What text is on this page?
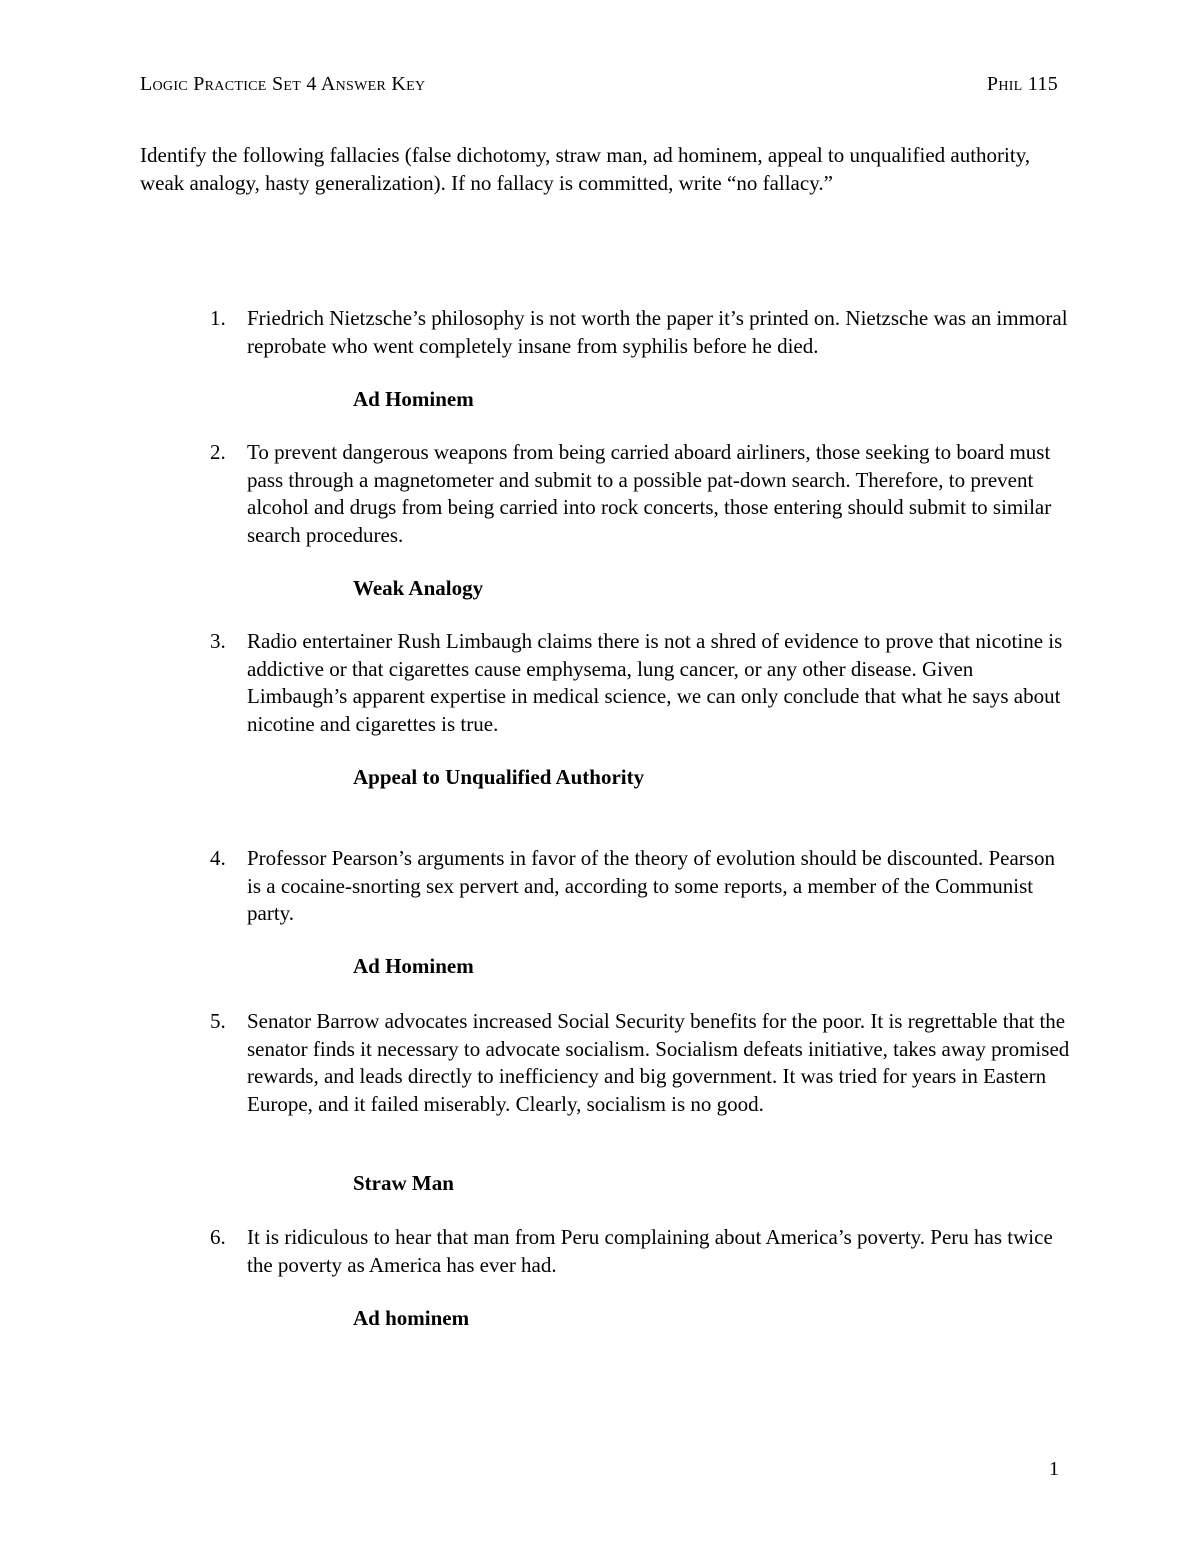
Logic Practice Set 4 Answer Key	Phil 115
Identify the following fallacies (false dichotomy, straw man, ad hominem, appeal to unqualified authority, weak analogy, hasty generalization). If no fallacy is committed, write “no fallacy.”
1.	Friedrich Nietzsche’s philosophy is not worth the paper it’s printed on. Nietzsche was an immoral reprobate who went completely insane from syphilis before he died.
Ad Hominem
2.	To prevent dangerous weapons from being carried aboard airliners, those seeking to board must pass through a magnetometer and submit to a possible pat-down search. Therefore, to prevent alcohol and drugs from being carried into rock concerts, those entering should submit to similar search procedures.
Weak Analogy
3.	Radio entertainer Rush Limbaugh claims there is not a shred of evidence to prove that nicotine is addictive or that cigarettes cause emphysema, lung cancer, or any other disease. Given Limbaugh’s apparent expertise in medical science, we can only conclude that what he says about nicotine and cigarettes is true.
Appeal to Unqualified Authority
4.	Professor Pearson’s arguments in favor of the theory of evolution should be discounted. Pearson is a cocaine-snorting sex pervert and, according to some reports, a member of the Communist party.
Ad Hominem
5.	Senator Barrow advocates increased Social Security benefits for the poor. It is regrettable that the senator finds it necessary to advocate socialism. Socialism defeats initiative, takes away promised rewards, and leads directly to inefficiency and big government. It was tried for years in Eastern Europe, and it failed miserably. Clearly, socialism is no good.
Straw Man
6.	It is ridiculous to hear that man from Peru complaining about America’s poverty. Peru has twice the poverty as America has ever had.
Ad hominem
1
